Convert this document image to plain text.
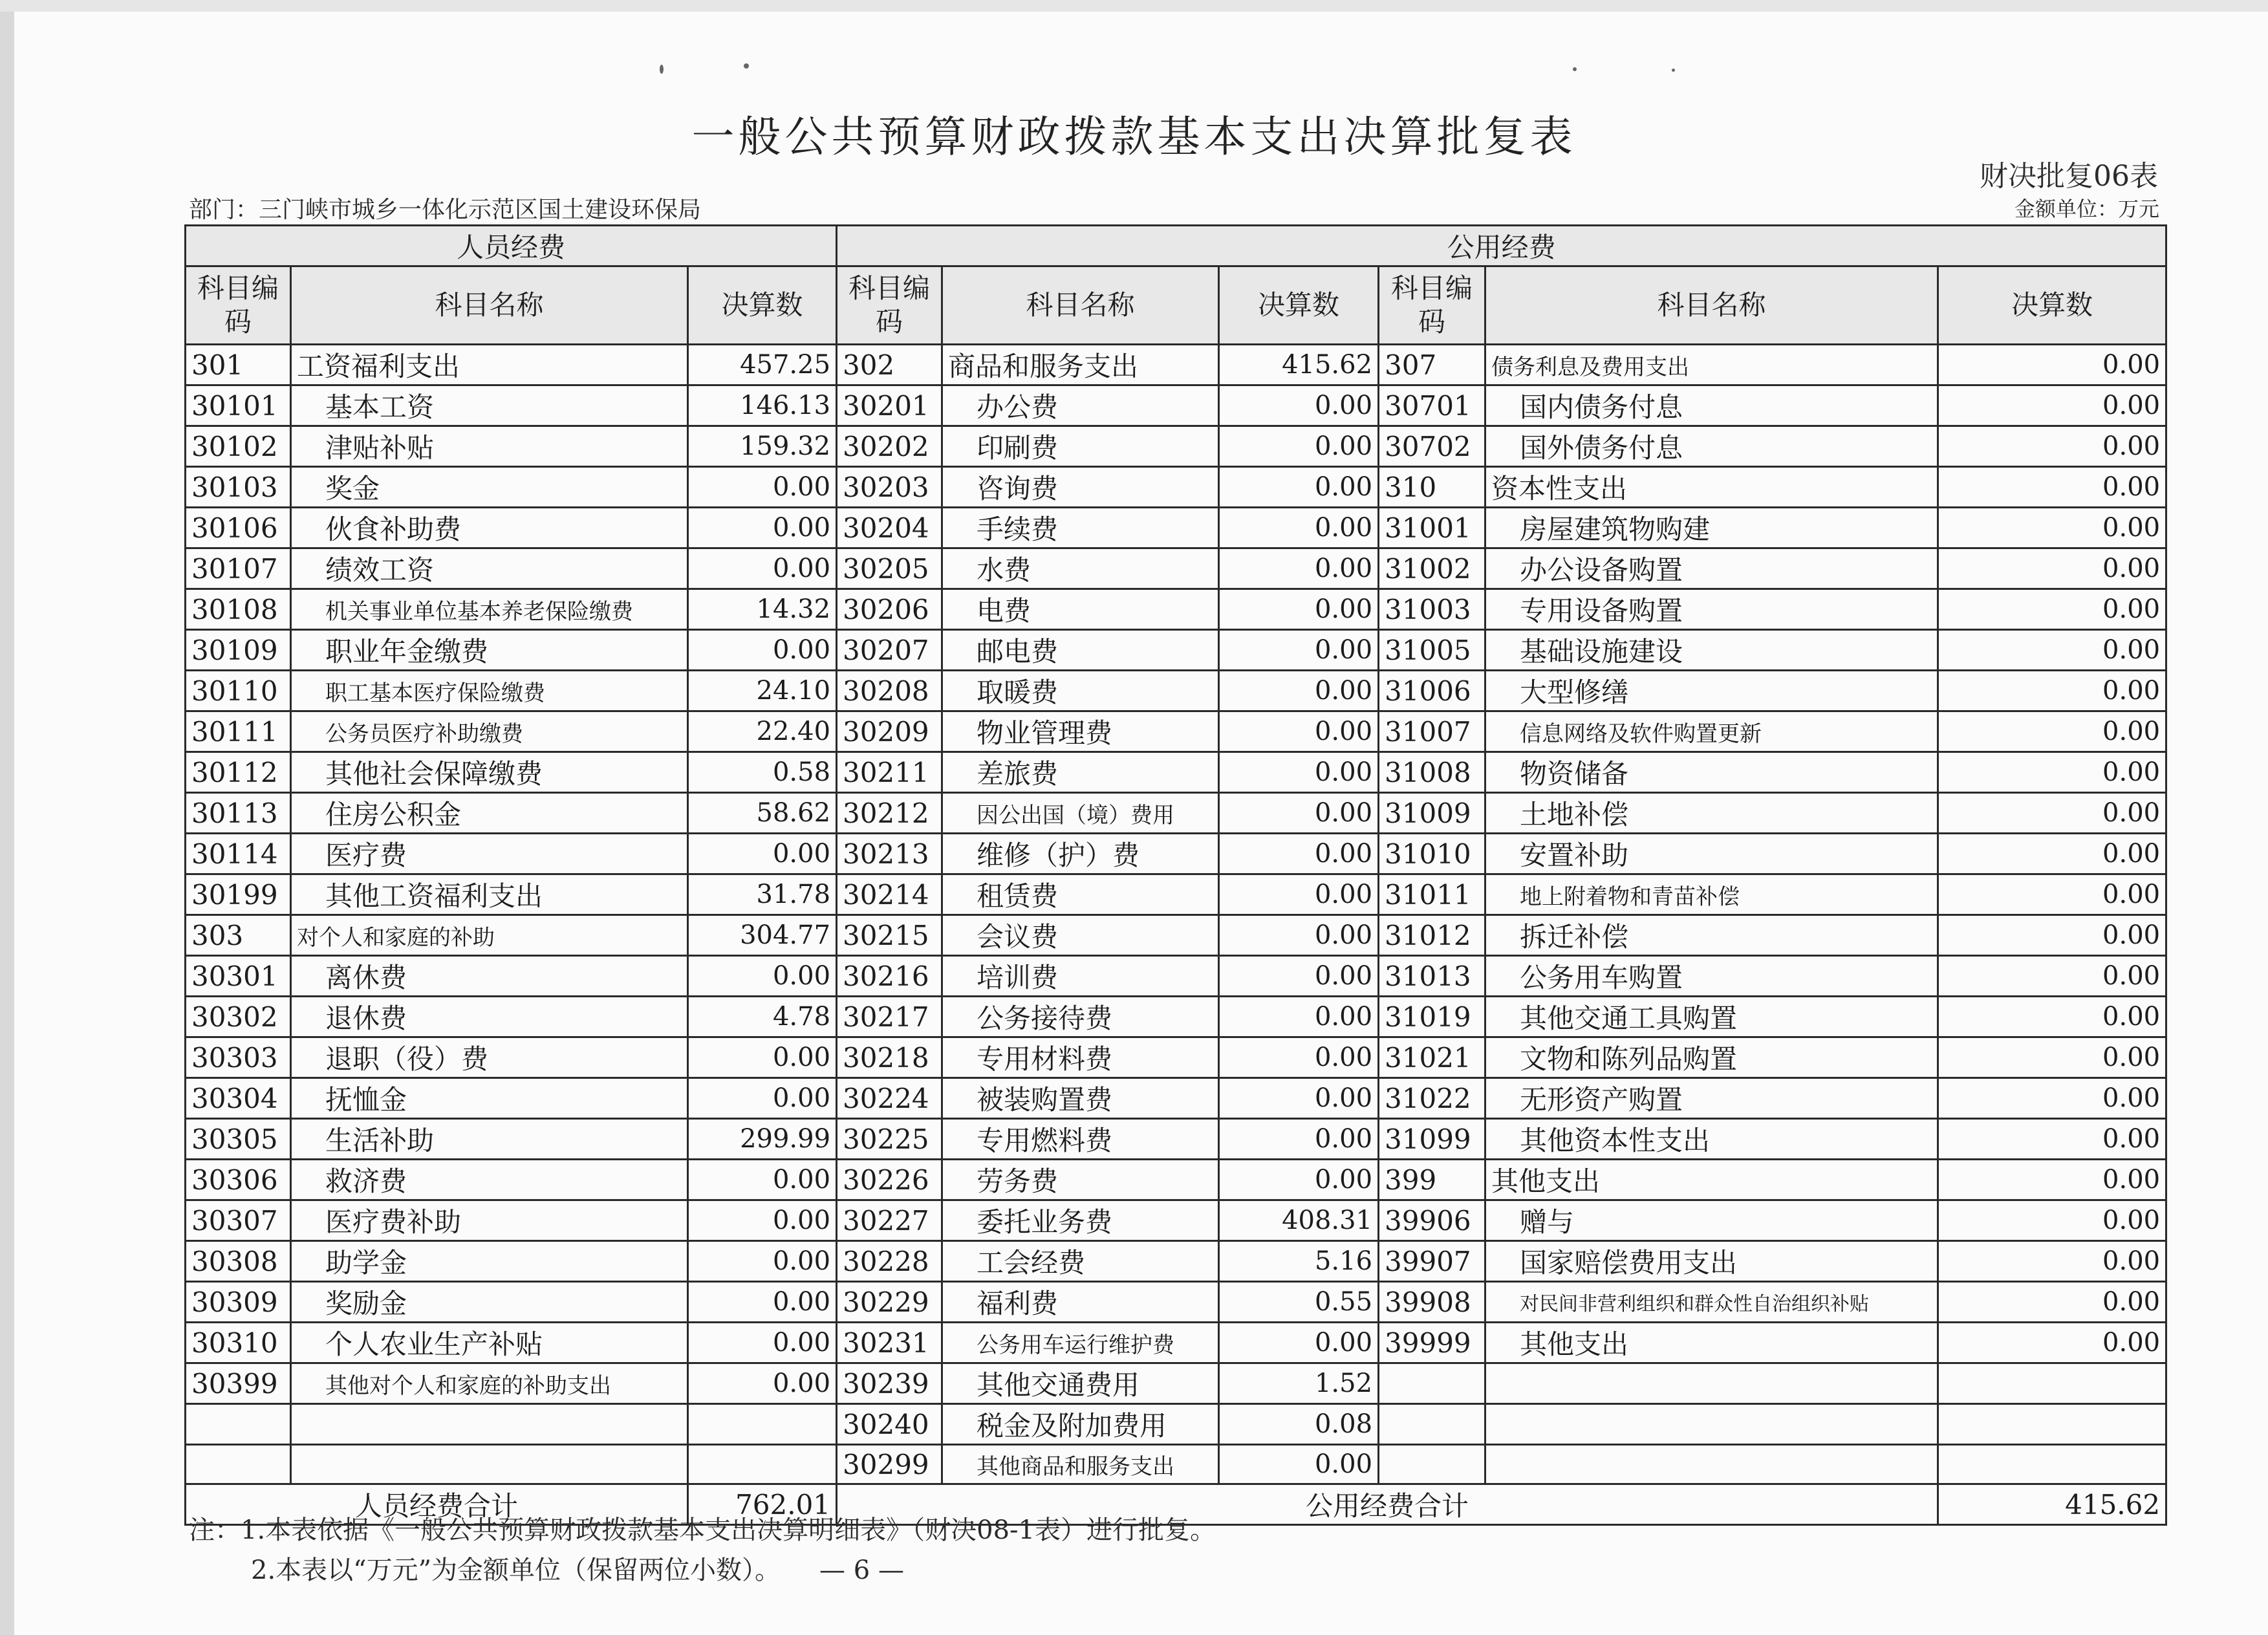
一般公共预算财政拨款基本支出决算批复表
财决批复06表
部门：三门峡市城乡一体化示范区国土建设环保局	金额单位：万元
人员经费			公用经费					
科目编码	科目名称	决算数	科目编码	科目名称	决算数	科目编码	科目名称	决算数
301	工资福利支出	457.25	302	商品和服务支出	415.62	307	债务利息及费用支出	0.00
30101	基本工资	146.13	30201	办公费	0.00	30701	国内债务付息	0.00
30102	津贴补贴	159.32	30202	印刷费	0.00	30702	国外债务付息	0.00
30103	奖金	0.00	30203	咨询费	0.00	310	资本性支出	0.00
30106	伙食补助费	0.00	30204	手续费	0.00	31001	房屋建筑物购建	0.00
30107	绩效工资	0.00	30205	水费	0.00	31002	办公设备购置	0.00
30108	机关事业单位基本养老保险缴费	14.32	30206	电费	0.00	31003	专用设备购置	0.00
30109	职业年金缴费	0.00	30207	邮电费	0.00	31005	基础设施建设	0.00
30110	职工基本医疗保险缴费	24.10	30208	取暖费	0.00	31006	大型修缮	0.00
30111	公务员医疗补助缴费	22.40	30209	物业管理费	0.00	31007	信息网络及软件购置更新	0.00
30112	其他社会保障缴费	0.58	30211	差旅费	0.00	31008	物资储备	0.00
30113	住房公积金	58.62	30212	因公出国（境）费用	0.00	31009	土地补偿	0.00
30114	医疗费	0.00	30213	维修（护）费	0.00	31010	安置补助	0.00
30199	其他工资福利支出	31.78	30214	租赁费	0.00	31011	地上附着物和青苗补偿	0.00
303	对个人和家庭的补助	304.77	30215	会议费	0.00	31012	拆迁补偿	0.00
30301	离休费	0.00	30216	培训费	0.00	31013	公务用车购置	0.00
30302	退休费	4.78	30217	公务接待费	0.00	31019	其他交通工具购置	0.00
30303	退职（役）费	0.00	30218	专用材料费	0.00	31021	文物和陈列品购置	0.00
30304	抚恤金	0.00	30224	被装购置费	0.00	31022	无形资产购置	0.00
30305	生活补助	299.99	30225	专用燃料费	0.00	31099	其他资本性支出	0.00
30306	救济费	0.00	30226	劳务费	0.00	399	其他支出	0.00
30307	医疗费补助	0.00	30227	委托业务费	408.31	39906	赠与	0.00
30308	助学金	0.00	30228	工会经费	5.16	39907	国家赔偿费用支出	0.00
30309	奖励金	0.00	30229	福利费	0.55	39908	对民间非营利组织和群众性自治组织补贴	0.00
30310	个人农业生产补贴	0.00	30231	公务用车运行维护费	0.00	39999	其他支出	0.00
30399	其他对个人和家庭的补助支出	0.00	30239	其他交通费用	1.52			
			30240	税金及附加费用	0.08			
			30299	其他商品和服务支出	0.00			
人员经费合计		762.01	公用经费合计					415.62
注：1.本表依据《一般公共预算财政拨款基本支出决算明细表》（财决08-1表）进行批复。
2.本表以“万元”为金额单位（保留两位小数）。　　— 6 —
